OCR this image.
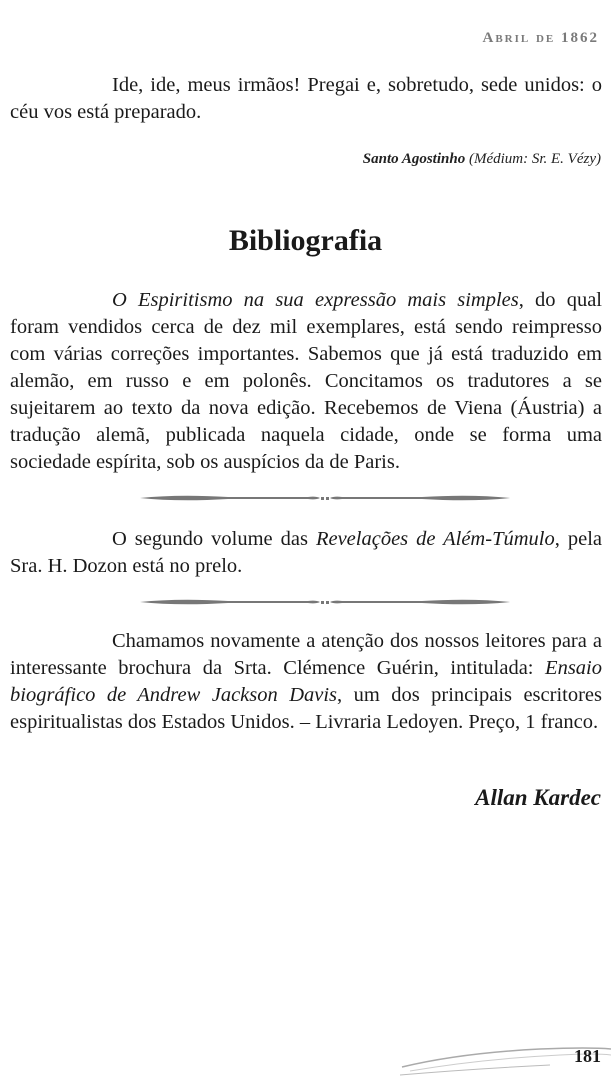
Abril de 1862

Ide, ide, meus irmãos! Pregai e, sobretudo, sede unidos: o céu vos está preparado.

Santo Agostinho (Médium: Sr. E. Vézy)
Bibliografia

O Espiritismo na sua expressão mais simples, do qual foram vendidos cerca de dez mil exemplares, está sendo reimpresso com várias correções importantes. Sabemos que já está traduzido em alemão, em russo e em polonês. Concitamos os tradutores a se sujeitarem ao texto da nova edição. Recebemos de Viena (Áustria) a tradução alemã, publicada naquela cidade, onde se forma uma sociedade espírita, sob os auspícios da de Paris.

O segundo volume das Revelações de Além-Túmulo, pela Sra. H. Dozon está no prelo.

Chamamos novamente a atenção dos nossos leitores para a interessante brochura da Srta. Clémence Guérin, intitulada: Ensaio biográfico de Andrew Jackson Davis, um dos principais escritores espiritualistas dos Estados Unidos. – Livraria Ledoyen. Preço, 1 franco.

Allan Kardec
181
